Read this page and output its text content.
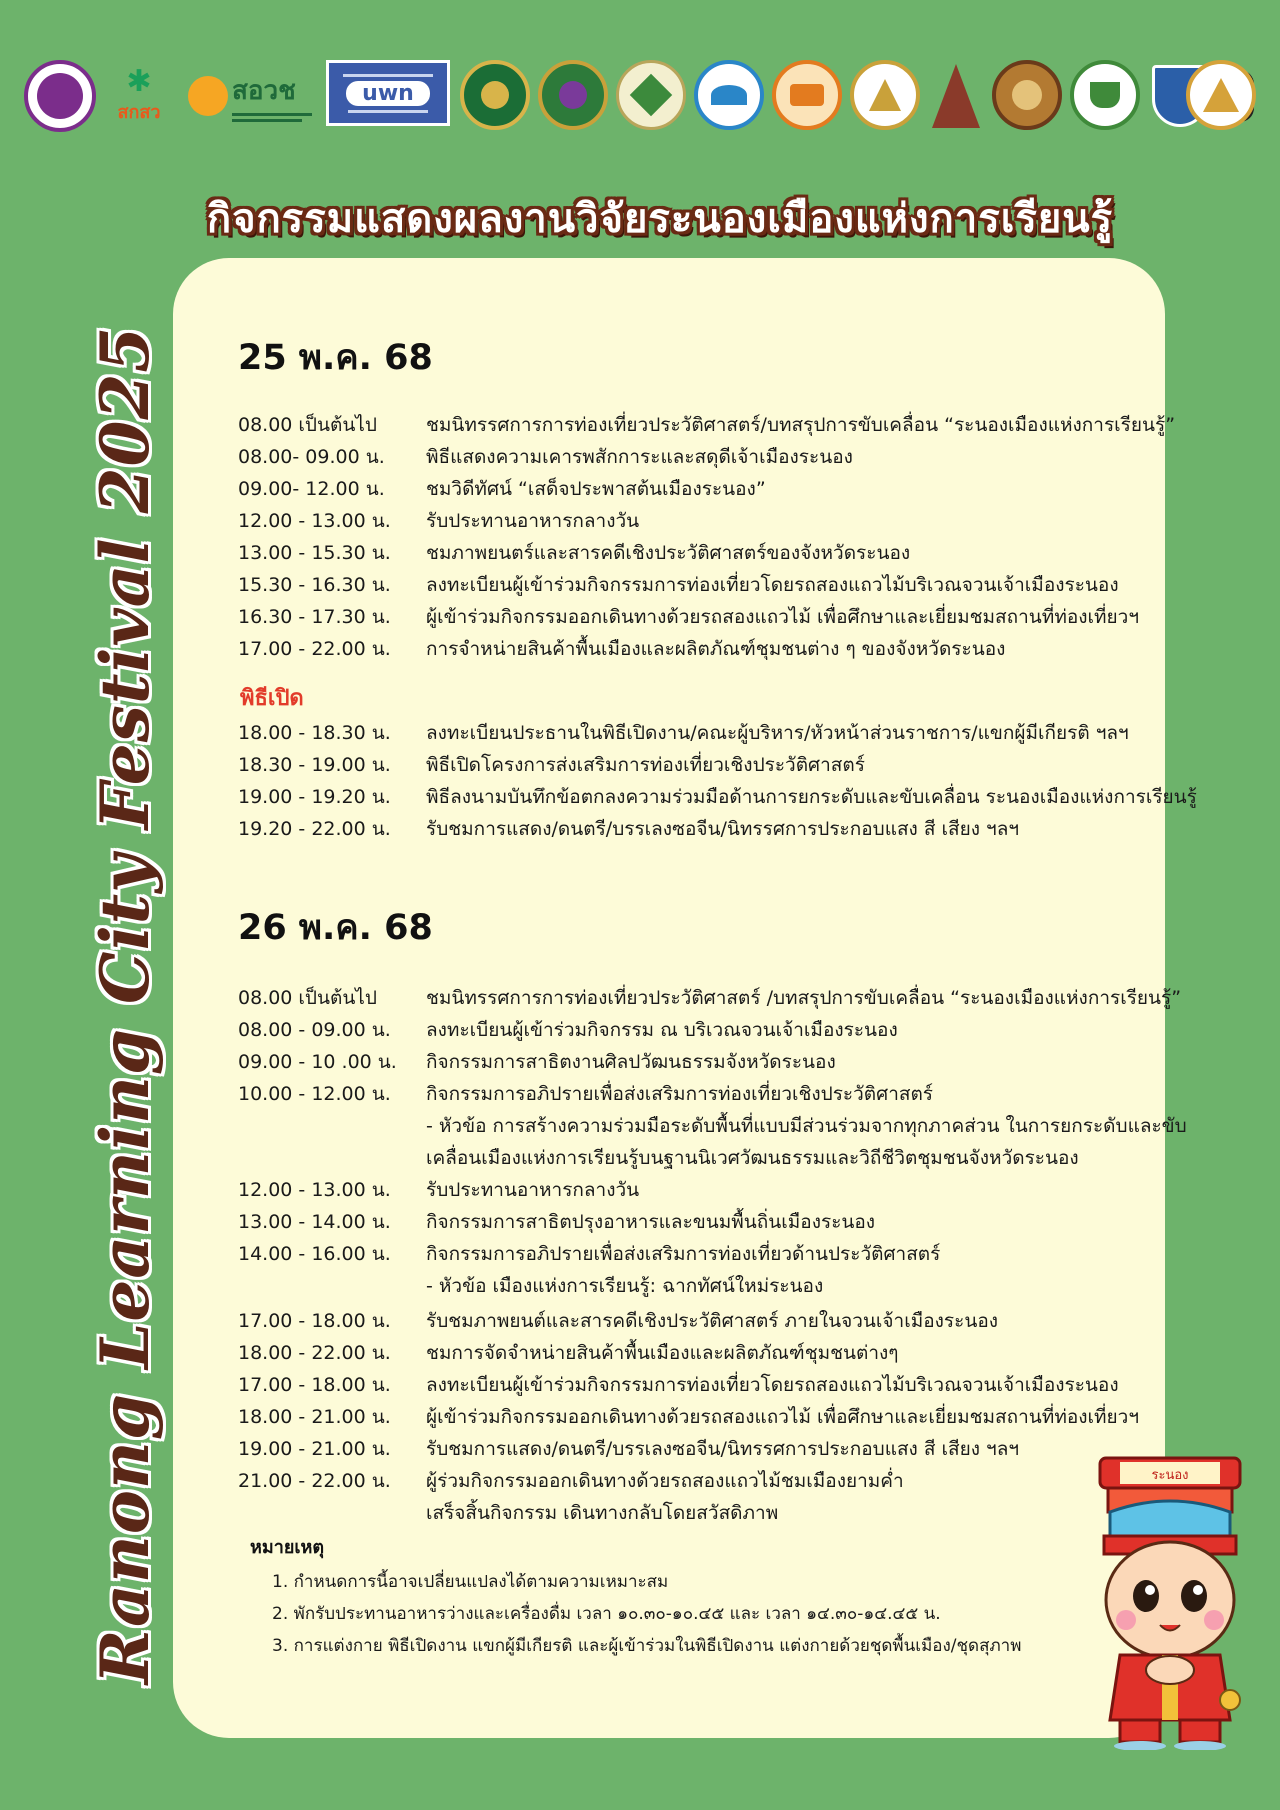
✱
สกสว
สอวช	uwn
กิจกรรมแสดงผลงานวิจัยระนองเมืองแห่งการเรียนรู้
Ranong Learning City Festival 2025 25 พ.ค. 68
08.00 เป็นต้นไป	ชมนิทรรศการการท่องเที่ยวประวัติศาสตร์/บทสรุปการขับเคลื่อน “ระนองเมืองแห่งการเรียนรู้”
08.00- 09.00 น. พิธีแสดงความเคารพสักการะและสดุดีเจ้าเมืองระนอง
09.00- 12.00 น. ชมวิดีทัศน์ “เสด็จประพาสต้นเมืองระนอง”
12.00 - 13.00 น. รับประทานอาหารกลางวัน
13.00 - 15.30 น. ชมภาพยนตร์และสารคดีเชิงประวัติศาสตร์ของจังหวัดระนอง
15.30 - 16.30 น. ลงทะเบียนผู้เข้าร่วมกิจกรรมการท่องเที่ยวโดยรถสองแถวไม้บริเวณจวนเจ้าเมืองระนอง
16.30 - 17.30 น. ผู้เข้าร่วมกิจกรรมออกเดินทางด้วยรถสองแถวไม้ เพื่อศึกษาและเยี่ยมชมสถานที่ท่องเที่ยวฯ
17.00 - 22.00 น. การจำหน่ายสินค้าพื้นเมืองและผลิตภัณฑ์ชุมชนต่าง ๆ ของจังหวัดระนอง
พิธีเปิด
18.00 - 18.30 น. ลงทะเบียนประธานในพิธีเปิดงาน/คณะผู้บริหาร/หัวหน้าส่วนราชการ/แขกผู้มีเกียรติ ฯลฯ
18.30 - 19.00 น. พิธีเปิดโครงการส่งเสริมการท่องเที่ยวเชิงประวัติศาสตร์
19.00 - 19.20 น. พิธีลงนามบันทึกข้อตกลงความร่วมมือด้านการยกระดับและขับเคลื่อน ระนองเมืองแห่งการเรียนรู้
19.20 - 22.00 น. รับชมการแสดง/ดนตรี/บรรเลงซอจีน/นิทรรศการประกอบแสง สี เสียง ฯลฯ
26 พ.ค. 68
08.00 เป็นต้นไป	ชมนิทรรศการการท่องเที่ยวประวัติศาสตร์ /บทสรุปการขับเคลื่อน “ระนองเมืองแห่งการเรียนรู้”
08.00 - 09.00 น. ลงทะเบียนผู้เข้าร่วมกิจกรรม ณ บริเวณจวนเจ้าเมืองระนอง
09.00 - 10 .00 น. กิจกรรมการสาธิตงานศิลปวัฒนธรรมจังหวัดระนอง
10.00 - 12.00 น. กิจกรรมการอภิปรายเพื่อส่งเสริมการท่องเที่ยวเชิงประวัติศาสตร์
- หัวข้อ การสร้างความร่วมมือระดับพื้นที่แบบมีส่วนร่วมจากทุกภาคส่วน ในการยกระดับและขับ
เคลื่อนเมืองแห่งการเรียนรู้บนฐานนิเวศวัฒนธรรมและวิถีชีวิตชุมชนจังหวัดระนอง
12.00 - 13.00 น. รับประทานอาหารกลางวัน
13.00 - 14.00 น. กิจกรรมการสาธิตปรุงอาหารและขนมพื้นถิ่นเมืองระนอง
14.00 - 16.00 น. กิจกรรมการอภิปรายเพื่อส่งเสริมการท่องเที่ยวด้านประวัติศาสตร์
- หัวข้อ เมืองแห่งการเรียนรู้: ฉากทัศน์ใหม่ระนอง
17.00 - 18.00 น. รับชมภาพยนต์และสารคดีเชิงประวัติศาสตร์ ภายในจวนเจ้าเมืองระนอง
18.00 - 22.00 น. ชมการจัดจำหน่ายสินค้าพื้นเมืองและผลิตภัณฑ์ชุมชนต่างๆ
17.00 - 18.00 น. ลงทะเบียนผู้เข้าร่วมกิจกรรมการท่องเที่ยวโดยรถสองแถวไม้บริเวณจวนเจ้าเมืองระนอง
18.00 - 21.00 น. ผู้เข้าร่วมกิจกรรมออกเดินทางด้วยรถสองแถวไม้ เพื่อศึกษาและเยี่ยมชมสถานที่ท่องเที่ยวฯ
19.00 - 21.00 น. รับชมการแสดง/ดนตรี/บรรเลงซอจีน/นิทรรศการประกอบแสง สี เสียง ฯลฯ
21.00 - 22.00 น. ผู้ร่วมกิจกรรมออกเดินทางด้วยรถสองแถวไม้ชมเมืองยามค่ำ
เสร็จสิ้นกิจกรรม เดินทางกลับโดยสวัสดิภาพ
หมายเหตุ
1. กำหนดการนี้อาจเปลี่ยนแปลงได้ตามความเหมาะสม
2. พักรับประทานอาหารว่างและเครื่องดื่ม เวลา ๑๐.๓๐-๑๐.๔๕ และ เวลา ๑๔.๓๐-๑๔.๔๕ น.
3. การแต่งกาย พิธีเปิดงาน แขกผู้มีเกียรติ และผู้เข้าร่วมในพิธีเปิดงาน แต่งกายด้วยชุดพื้นเมือง/ชุดสุภาพ
ระนอง
